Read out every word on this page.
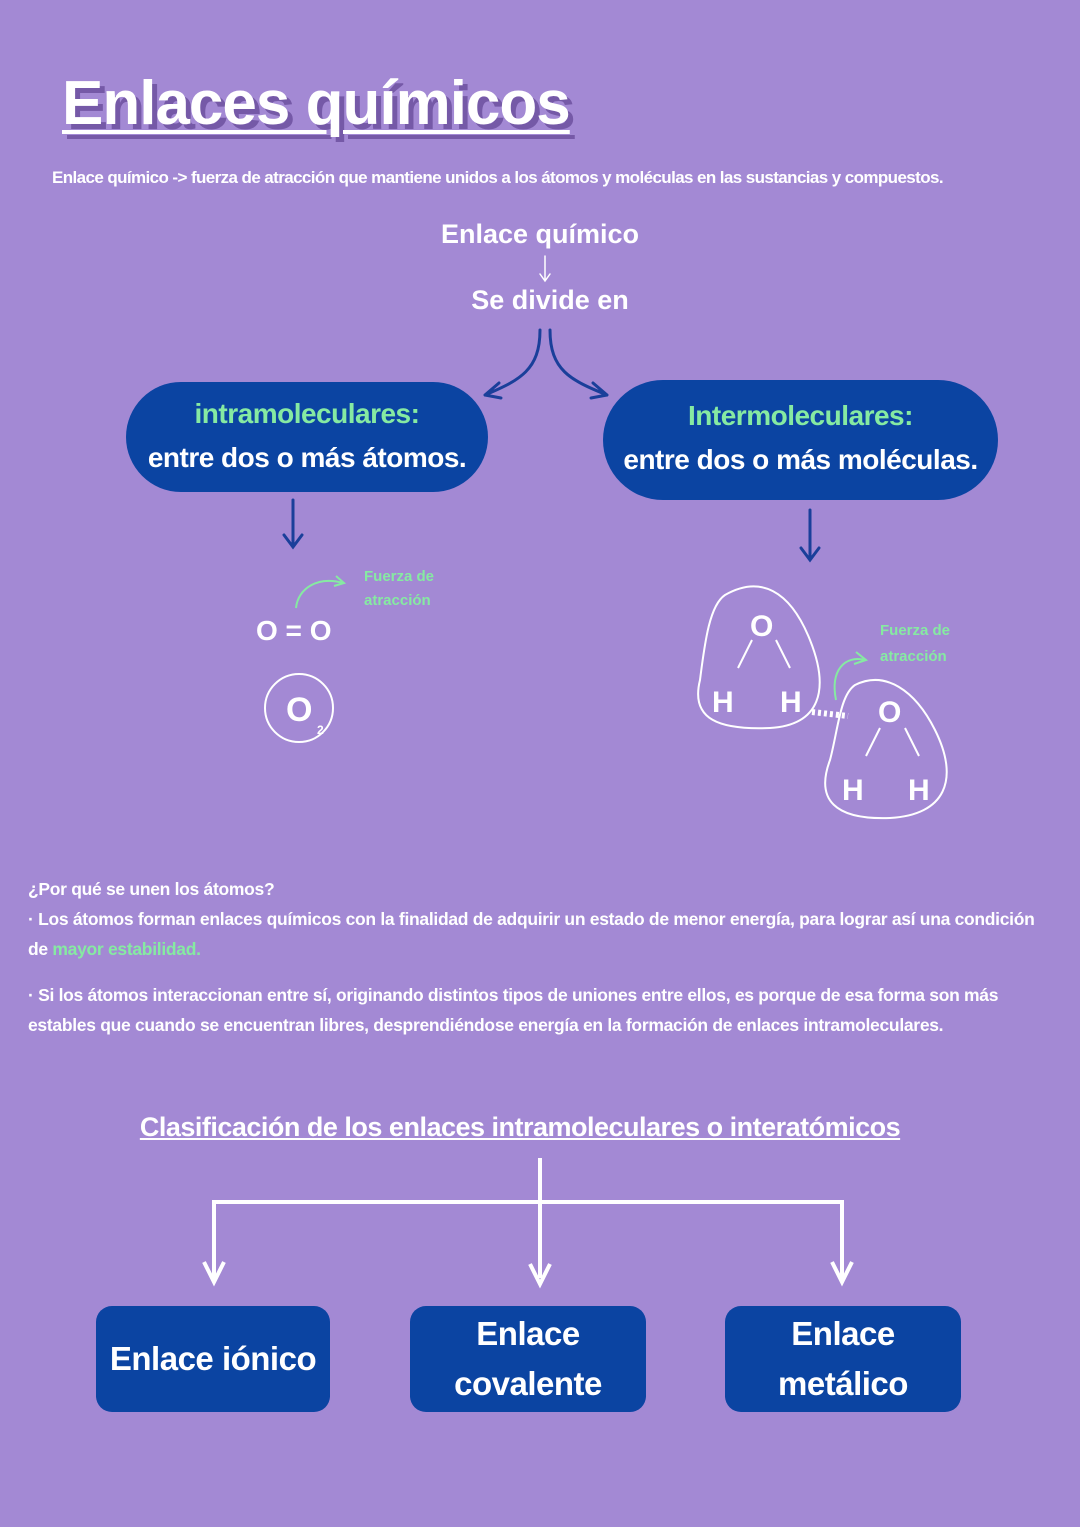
Enlaces químicos
Enlace químico -> fuerza de atracción que mantiene unidos a los átomos y moléculas en las sustancias y compuestos.
Enlace químico
Se divide en
O = O
O
2
O
H H	O
H H
Fuerza de
atracción
Fuerza de
atracción
intramoleculares:
entre dos o más átomos.
Intermoleculares:
entre dos o más moléculas.
¿Por qué se unen los átomos?
· Los átomos forman enlaces químicos con la finalidad de adquirir un estado de menor energía, para lograr así una condición de mayor estabilidad.
· Si los átomos interaccionan entre sí, originando distintos tipos de uniones entre ellos, es porque de esa forma son más estables que cuando se encuentran libres, desprendiéndose energía en la formación de enlaces intramoleculares.
Clasificación de los enlaces intramoleculares o interatómicos
Enlace iónico
Enlace
covalente
Enlace
metálico
